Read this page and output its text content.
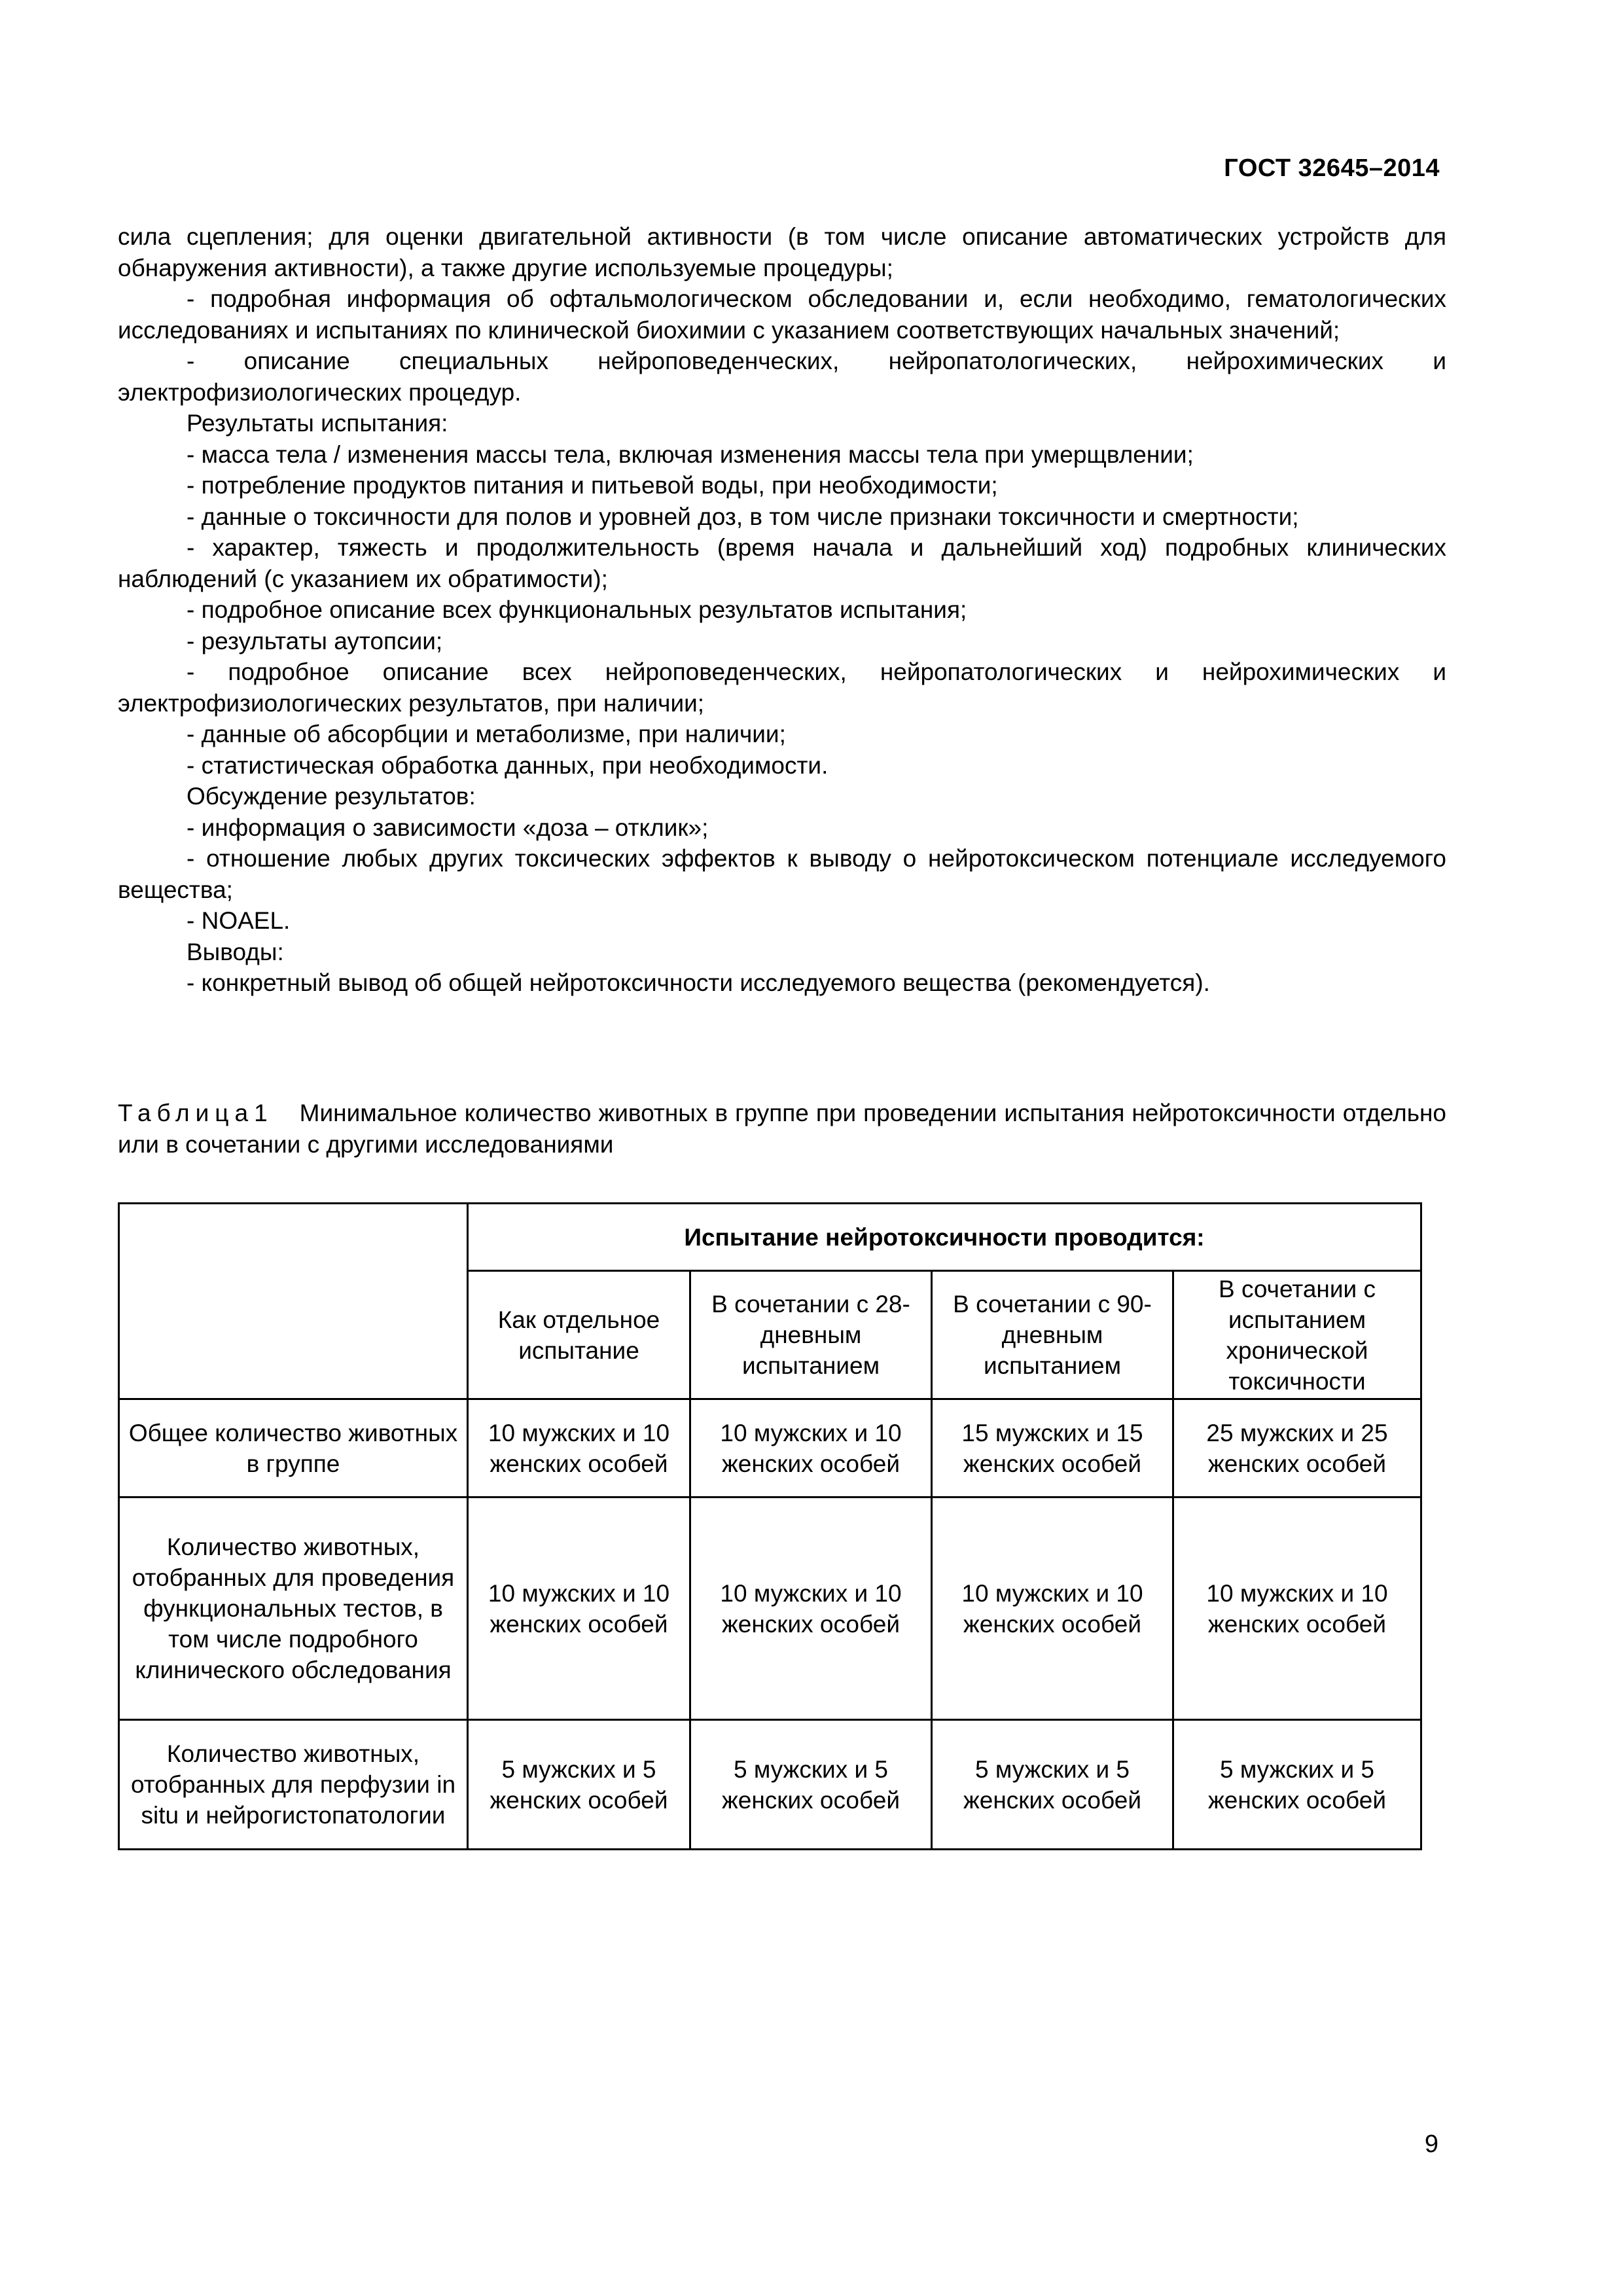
ГОСТ 32645–2014

сила сцепления; для оценки двигательной активности (в том числе описание автоматических устройств для обнаружения активности), а также другие используемые процедуры;

- подробная информация об офтальмологическом обследовании и, если необходимо, гематологических исследованиях и испытаниях по клинической биохимии с указанием соответствующих начальных значений;

- описание специальных нейроповеденческих, нейропатологических, нейрохимических и электрофизиологических процедур.

Результаты испытания:

- масса тела / изменения массы тела, включая изменения массы тела при умерщвлении;

- потребление продуктов питания и питьевой воды, при необходимости;

- данные о токсичности для полов и уровней доз, в том числе признаки токсичности и смертности;

- характер, тяжесть и продолжительность (время начала и дальнейший ход) подробных клинических наблюдений (с указанием их обратимости);

- подробное описание всех функциональных результатов испытания;

- результаты аутопсии;

- подробное описание всех нейроповеденческих, нейропатологических и нейрохимических и электрофизиологических результатов, при наличии;

- данные об абсорбции и метаболизме, при наличии;

- статистическая обработка данных, при необходимости.

Обсуждение результатов:

- информация о зависимости «доза – отклик»;

- отношение любых других токсических эффектов к выводу о нейротоксическом потенциале исследуемого вещества;

- NOAEL.

Выводы:

- конкретный вывод об общей нейротоксичности исследуемого вещества (рекомендуется).

Таблица1 Минимальное количество животных в группе при проведении испытания нейротоксичности отдельно или в сочетании с другими исследованиями
	Испытание нейротоксичности проводится:			
	Как отдельное испытание	В сочетании с 28-дневным испытанием	В сочетании с 90-дневным испытанием	В сочетании с испытанием хронической токсичности
Общее количество животных в группе	10 мужских и 10 женских особей	10 мужских и 10 женских особей	15 мужских и 15 женских особей	25 мужских и 25 женских особей
Количество животных, отобранных для проведения функциональных тестов, в том числе подробного клинического обследования	10 мужских и 10 женских особей	10 мужских и 10 женских особей	10 мужских и 10 женских особей	10 мужских и 10 женских особей
Количество животных, отобранных для перфузии in situ и нейрогистопатологии	5 мужских и 5 женских особей	5 мужских и 5 женских особей	5 мужских и 5 женских особей	5 мужских и 5 женских особей
9
